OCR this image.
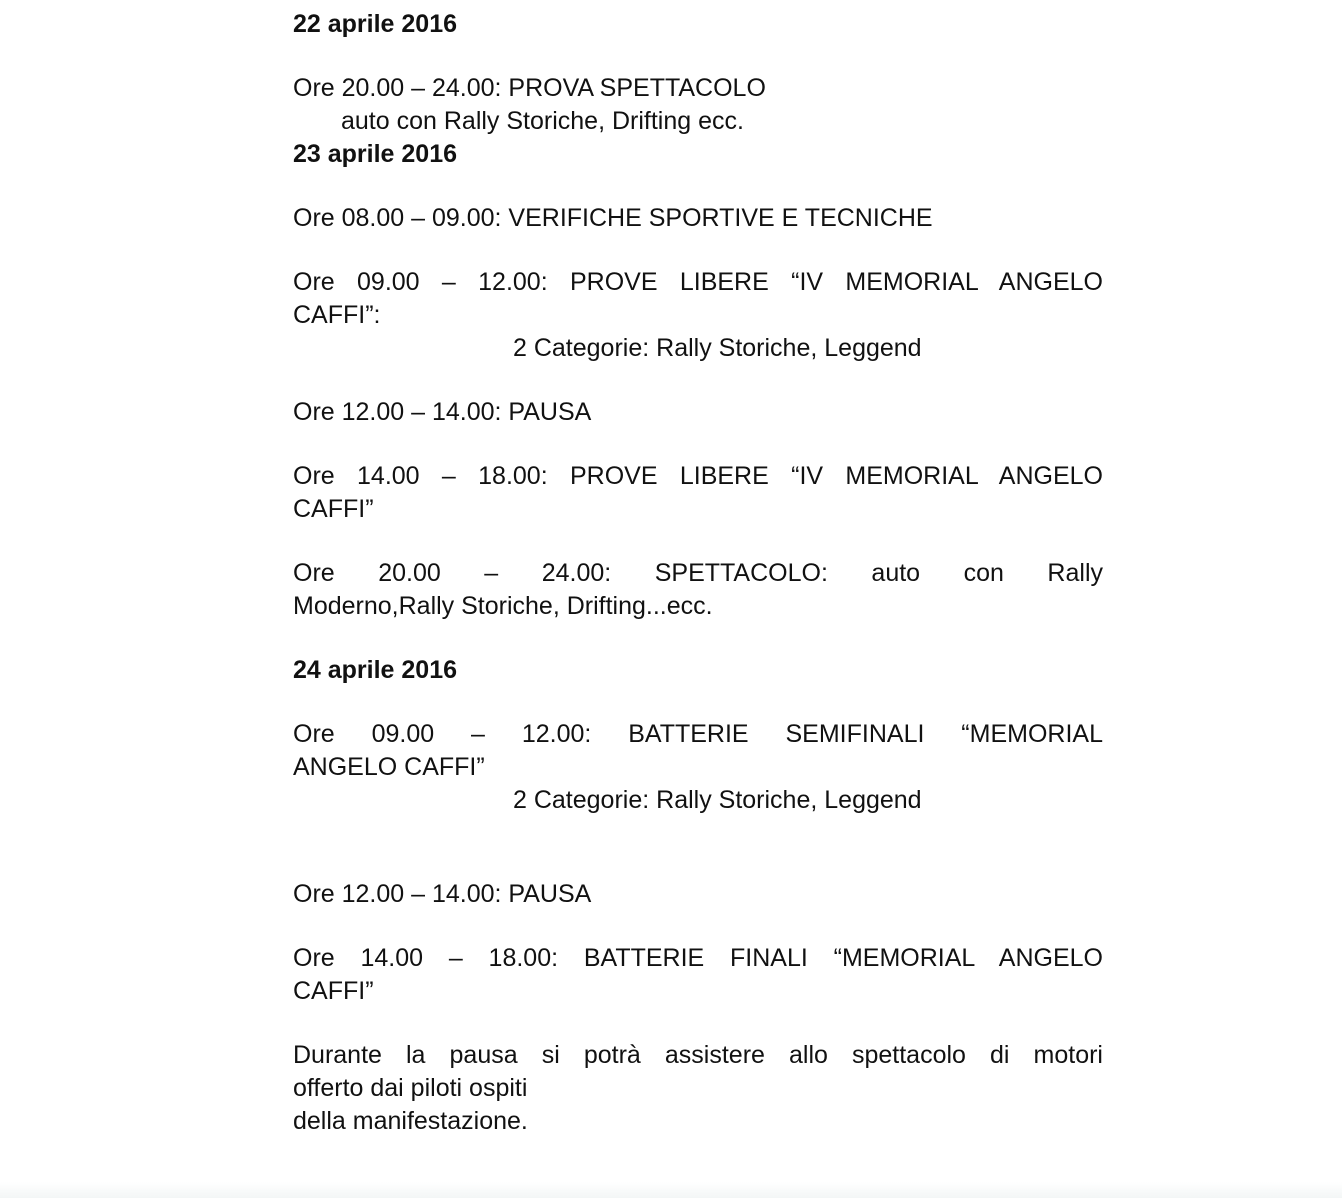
22 aprile 2016
Ore 20.00 – 24.00: PROVA SPETTACOLO
auto con Rally Storiche, Drifting ecc.
23 aprile 2016
Ore 08.00 – 09.00: VERIFICHE SPORTIVE E TECNICHE
Ore 09.00 – 12.00: PROVE LIBERE “IV MEMORIAL ANGELO
CAFFI”:
2 Categorie: Rally Storiche, Leggend
Ore 12.00 – 14.00: PAUSA
Ore 14.00 – 18.00: PROVE LIBERE “IV MEMORIAL ANGELO
CAFFI”
Ore 20.00 – 24.00: SPETTACOLO: auto con Rally
Moderno,Rally Storiche, Drifting...ecc.
24 aprile 2016
Ore 09.00 – 12.00: BATTERIE SEMIFINALI “MEMORIAL
ANGELO CAFFI”
2 Categorie: Rally Storiche, Leggend
Ore 12.00 – 14.00: PAUSA
Ore 14.00 – 18.00: BATTERIE FINALI “MEMORIAL ANGELO
CAFFI”
Durante la pausa si potrà assistere allo spettacolo di motori
offerto dai piloti ospiti
della manifestazione.
